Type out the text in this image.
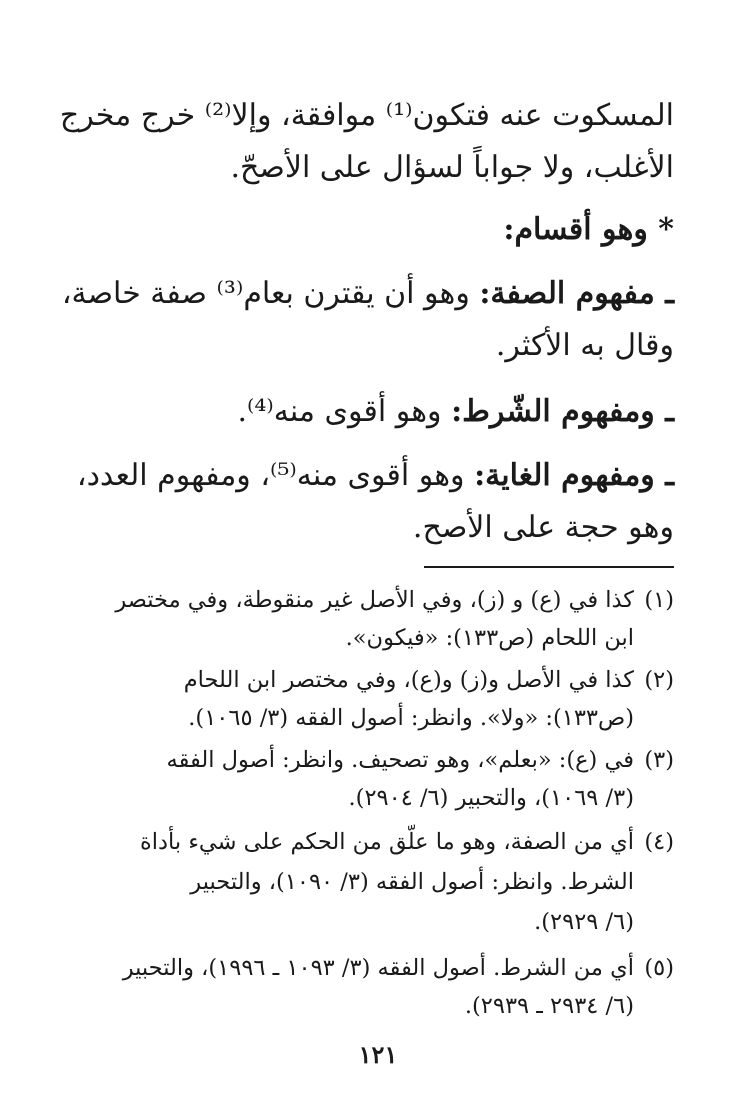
المسكوت عنه فتكون⁽¹⁾ موافقة، وإلا⁽²⁾ خرج مخرج
الأغلب، ولا جواباً لسؤال على الأصحّ.
* وهو أقسام:
ـ مفهوم الصفة: وهو أن يقترن بعام⁽³⁾ صفة خاصة،
وقال به الأكثر.
ـ ومفهوم الشّرط: وهو أقوى منه⁽⁴⁾.
ـ ومفهوم الغاية: وهو أقوى منه⁽⁵⁾، ومفهوم العدد،
وهو حجة على الأصح.
(١)كذا في (ع) و (ز)، وفي الأصل غير منقوطة، وفي مختصر
ابن اللحام (ص١٣٣): «فيكون».
(٢)كذا في الأصل و(ز) و(ع)، وفي مختصر ابن اللحام
(ص١٣٣): «ولا». وانظر: أصول الفقه (٣/ ١٠٦٥).
(٣)في (ع): «بعلم»، وهو تصحيف. وانظر: أصول الفقه
(٣/ ١٠٦٩)، والتحبير (٦/ ٢٩٠٤).
(٤)أي من الصفة، وهو ما علّق من الحكم على شيء بأداة
الشرط. وانظر: أصول الفقه (٣/ ١٠٩٠)، والتحبير
(٦/ ٢٩٢٩).
(٥)أي من الشرط. أصول الفقه (٣/ ١٠٩٣ ـ ١٩٩٦)، والتحبير
(٦/ ٢٩٣٤ ـ ٢٩٣٩).
١٢١
